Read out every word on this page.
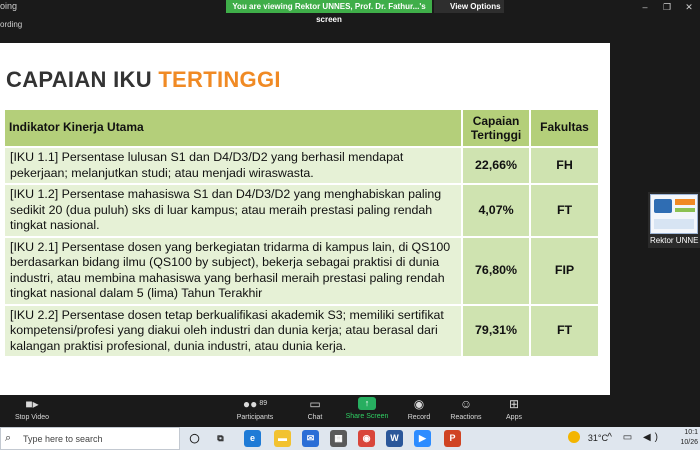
oing	You are viewing Rektor UNNES, Prof. Dr. Fathur...'s screen
View Options	–	❐	✕
ording
CAPAIAN IKU TERTINGGI
Indikator Kinerja Utama	Capaian Tertinggi	Fakultas
[IKU 1.1] Persentase lulusan S1 dan D4/D3/D2 yang berhasil mendapat pekerjaan; melanjutkan studi; atau menjadi wiraswasta.	22,66%	FH
[IKU 1.2] Persentase mahasiswa S1 dan D4/D3/D2 yang menghabiskan paling sedikit 20 (dua puluh) sks di luar kampus; atau meraih prestasi paling rendah tingkat nasional.	4,07%	FT
[IKU 2.1] Persentase dosen yang berkegiatan tridarma di kampus lain, di QS100 berdasarkan bidang ilmu (QS100 by subject), bekerja sebagai praktisi di dunia industri, atau membina mahasiswa yang berhasil meraih prestasi paling rendah tingkat nasional dalam 5 (lima) Tahun Terakhir	76,80%	FIP
[IKU 2.2] Persentase dosen tetap berkualifikasi akademik S3; memiliki sertifikat kompetensi/profesi yang diakui oleh industri dan dunia kerja; atau berasal dari kalangan praktisi profesional, dunia industri, atau dunia kerja.	79,31%	FT
Rektor UNNE
■▸
Stop Video
●● $^{89}$
Participants
▭
Chat
↑
Share Screen
◉
Record
☺
Reactions
⊞
Apps
⌕ Type here to search	◯	⧉	e	▬	✉	▦	◉	W	▶	P	31°C ^ ▭ ◀)	10:1
10/26
